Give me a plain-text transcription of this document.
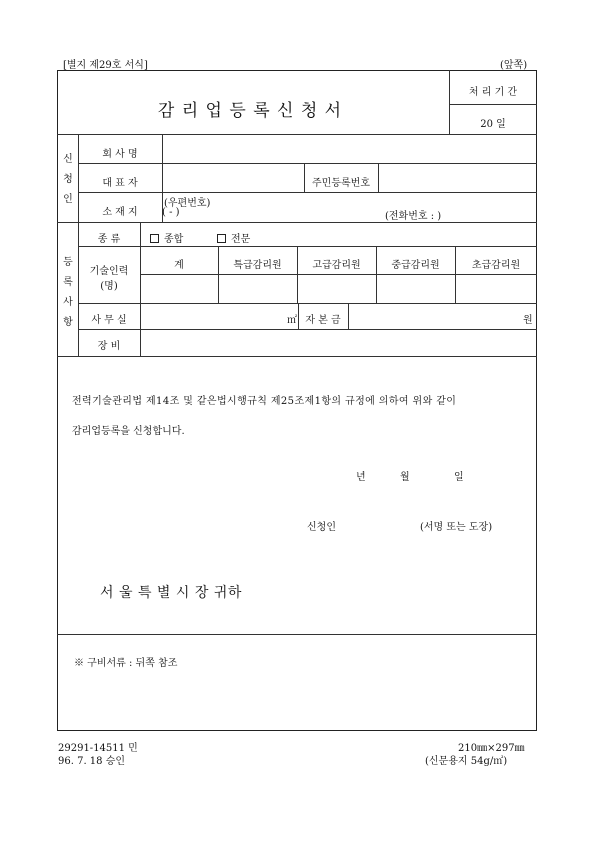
[별지 제29호 서식]	(앞쪽)
감 리 업 등 록 신 청 서
처 리 기 간
20 일
신
청
인
회 사 명
대 표 자	주민등록번호
소 재 지
(우편번호)
( - )	(전화번호 : )
등
록
사
항
종 류	종합	전문
기술인력
(명)
계	특급감리원	고급감리원	중급감리원	초급감리원
사 무 실	㎡ 자 본 금	원
장 비
전력기술관리법 제14조 및 같은법시행규칙 제25조제1항의 규정에 의하여 위와 같이
감리업등록을 신청합니다.
년	월	일
신청인	(서명 또는 도장)
서 울 특 별 시 장 귀하
※ 구비서류 : 뒤쪽 참조
29291-14511 민
96. 7. 18 승인
210㎜×297㎜
(신문용지 54g/㎡)
